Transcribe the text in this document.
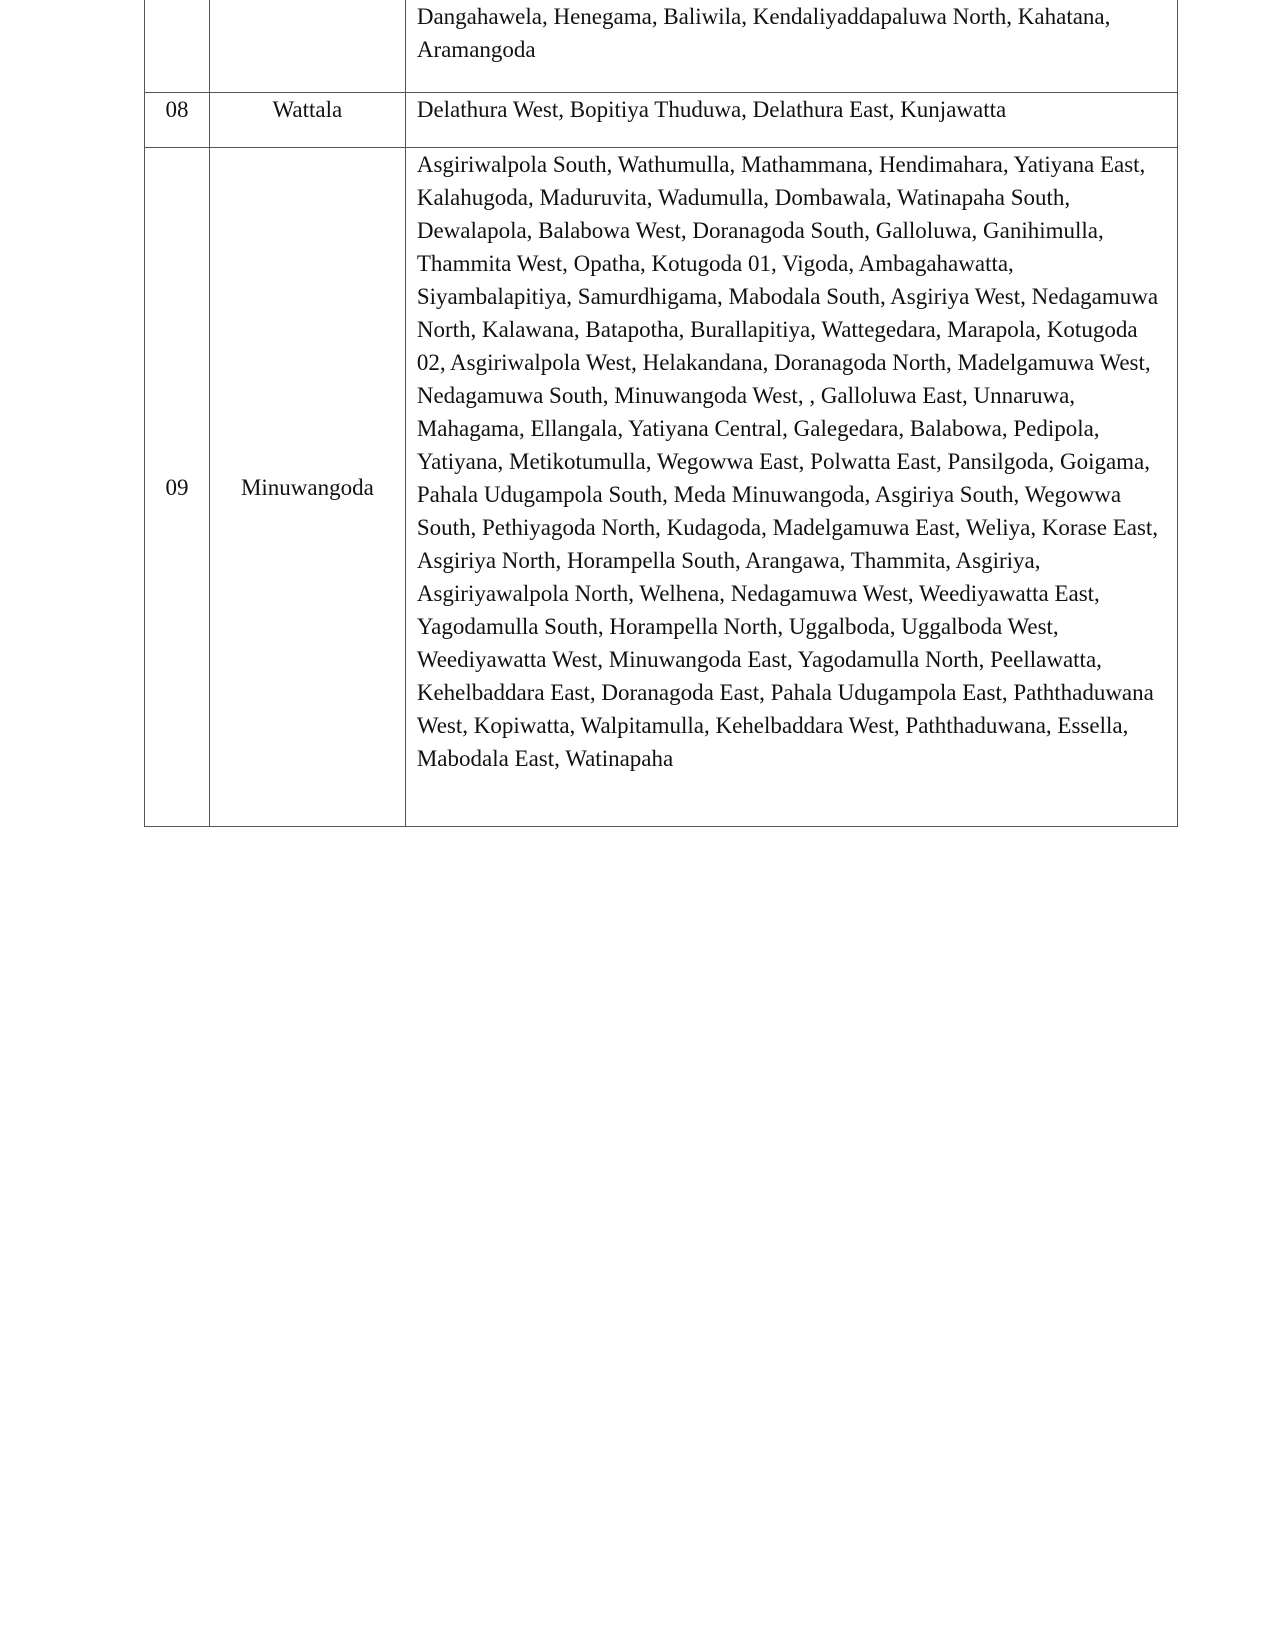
		Dangahawela, Henegama, Baliwila, Kendaliyaddapaluwa North, Kahatana, Aramangoda

08	Wattala	Delathura West, Bopitiya Thuduwa, Delathura East, Kunjawatta

09	Minuwangoda	Asgiriwalpola South, Wathumulla, Mathammana, Hendimahara, Yatiyana East, Kalahugoda, Maduruvita, Wadumulla, Dombawala, Watinapaha South, Dewalapola, Balabowa West, Doranagoda South, Galloluwa, Ganihimulla, Thammita West, Opatha, Kotugoda 01, Vigoda, Ambagahawatta, Siyambalapitiya, Samurdhigama, Mabodala South, Asgiriya West, Nedagamuwa North, Kalawana, Batapotha, Burallapitiya, Wattegedara, Marapola, Kotugoda 02, Asgiriwalpola West, Helakandana, Doranagoda North, Madelgamuwa West, Nedagamuwa South, Minuwangoda West, , Galloluwa East, Unnaruwa, Mahagama, Ellangala, Yatiyana Central, Galegedara, Balabowa, Pedipola, Yatiyana, Metikotumulla, Wegowwa East, Polwatta East, Pansilgoda, Goigama, Pahala Udugampola South, Meda Minuwangoda, Asgiriya South, Wegowwa South, Pethiyagoda North, Kudagoda, Madelgamuwa East, Weliya, Korase East, Asgiriya North, Horampella South, Arangawa, Thammita, Asgiriya, Asgiriyawalpola North, Welhena, Nedagamuwa West, Weediyawatta East, Yagodamulla South, Horampella North, Uggalboda, Uggalboda West, Weediyawatta West, Minuwangoda East, Yagodamulla North, Peellawatta, Kehelbaddara East, Doranagoda East, Pahala Udugampola East, Paththaduwana West, Kopiwatta, Walpitamulla, Kehelbaddara West, Paththaduwana, Essella, Mabodala East, Watinapaha
